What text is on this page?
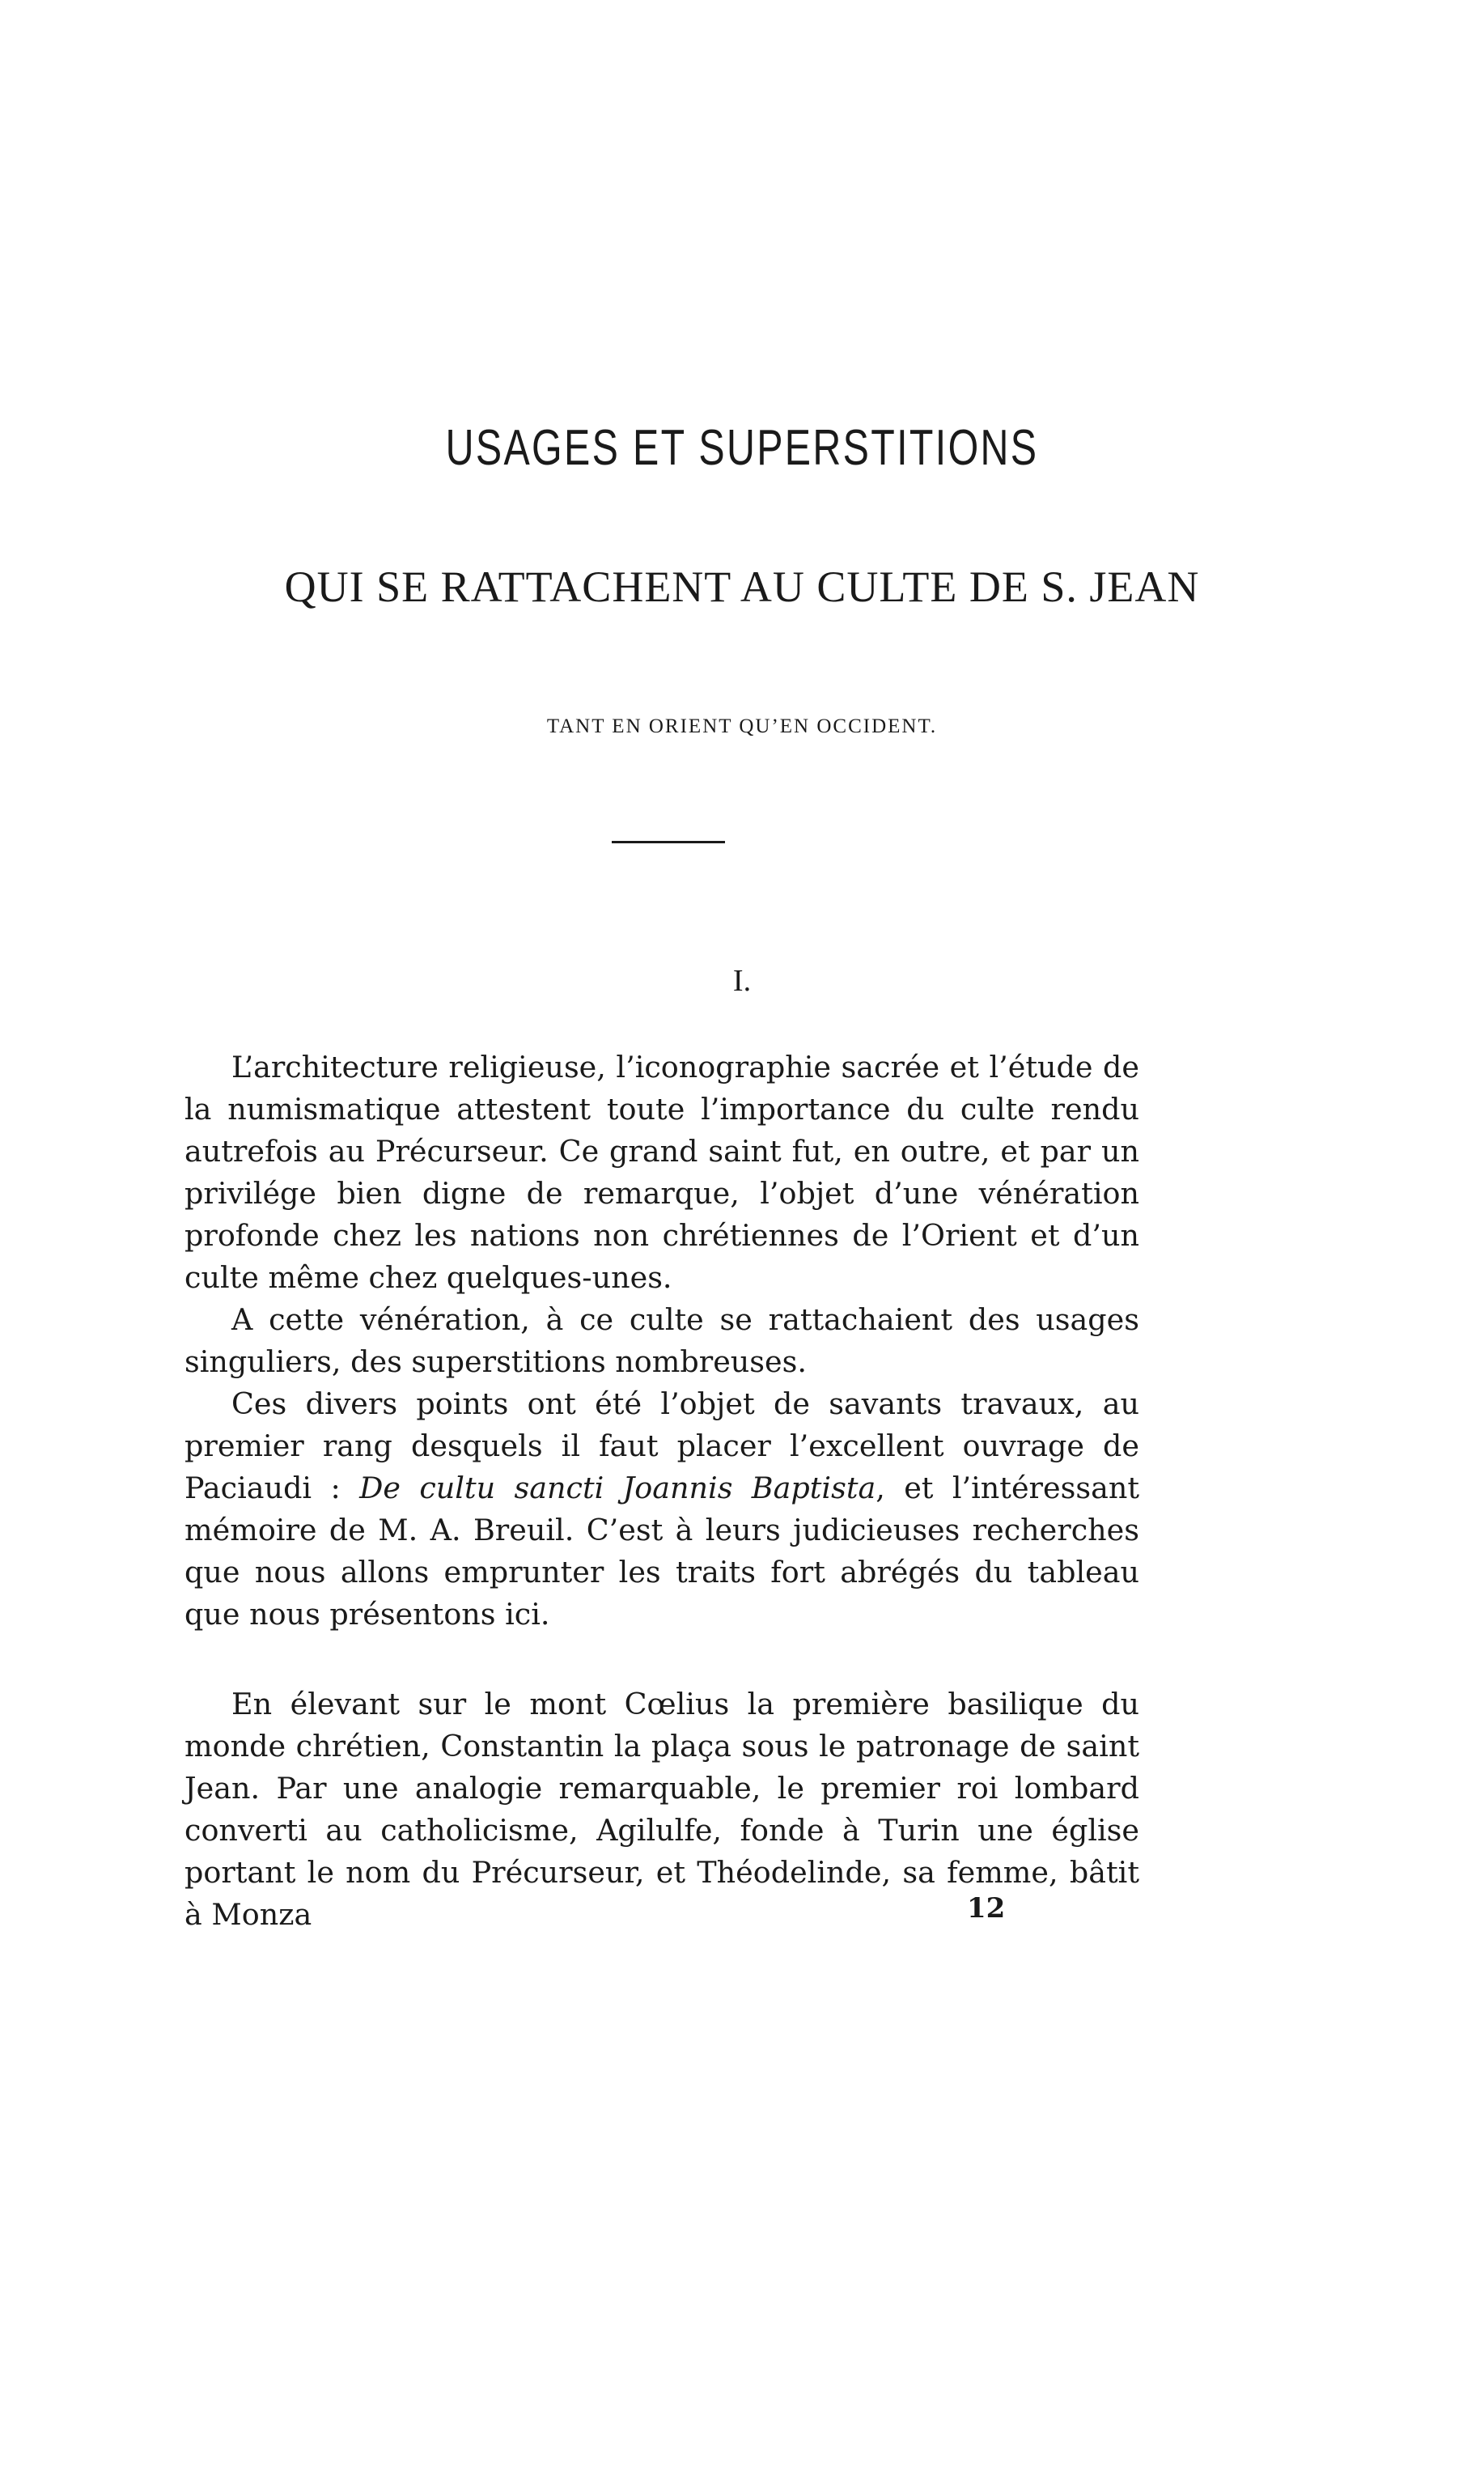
USAGES ET SUPERSTITIONS
QUI SE RATTACHENT AU CULTE DE S. JEAN
TANT EN ORIENT QU’EN OCCIDENT.
I.

L’architecture religieuse, l’iconographie sacrée et l’étude de la numismatique attestent toute l’importance du culte rendu autrefois au Précurseur. Ce grand saint fut, en outre, et par un privilége bien digne de remarque, l’objet d’une vénération profonde chez les nations non chrétiennes de l’Orient et d’un culte même chez quelques-unes.

A cette vénération, à ce culte se rattachaient des usages singuliers, des superstitions nombreuses.

Ces divers points ont été l’objet de savants travaux, au premier rang desquels il faut placer l’excellent ouvrage de Paciaudi : De cultu sancti Joannis Baptista, et l’intéressant mémoire de M. A. Breuil. C’est à leurs judicieuses recherches que nous allons emprunter les traits fort abrégés du tableau que nous présentons ici.

En élevant sur le mont Cœlius la première basilique du monde chrétien, Constantin la plaça sous le patronage de saint Jean. Par une analogie remarquable, le premier roi lombard converti au catholicisme, Agilulfe, fonde à Turin une église portant le nom du Précurseur, et Théodelinde, sa femme, bâtit à Monza	12
